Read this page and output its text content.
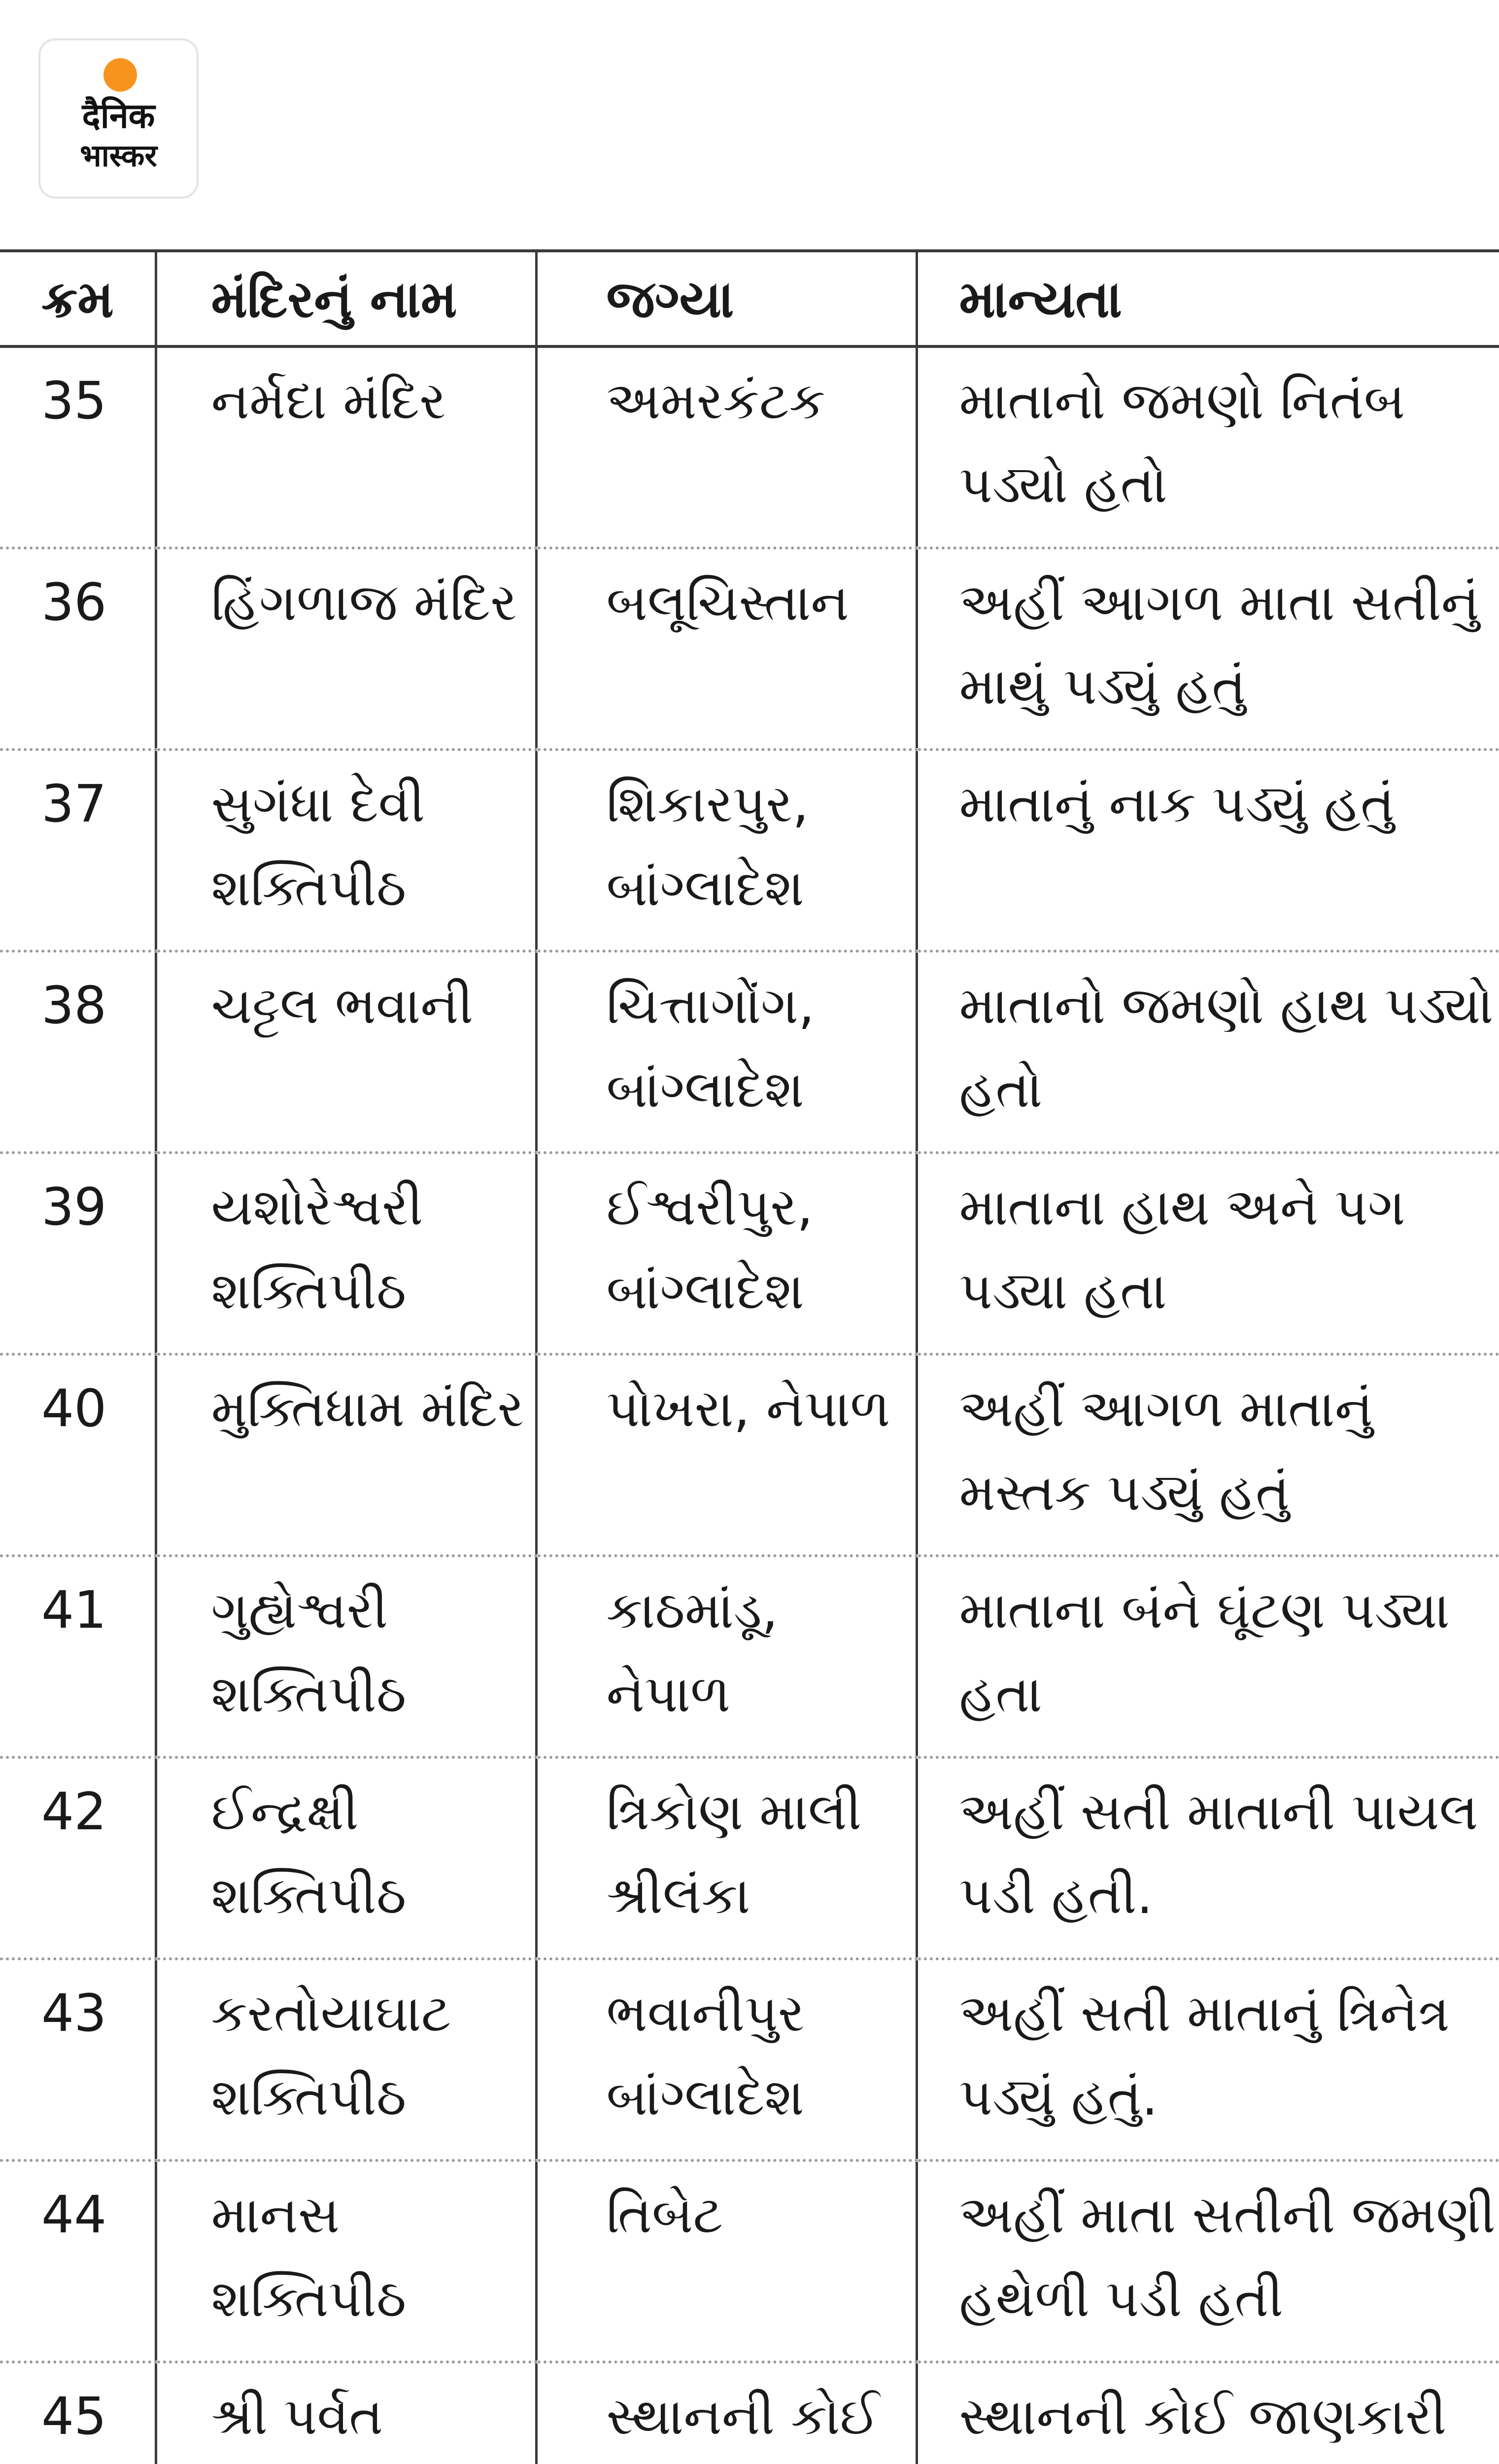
दैनिक
भास्कर
ક્રમ	મંદિરનું નામ	જગ્યા	માન્યતા
35	નર્મદા મંદિર	અમરકંટક	માતાનો જમણો નિતંબ પડ્યો હતો
36	હિંગળાજ મંદિર	બલૂચિસ્તાન	અહીં આગળ માતા સતીનું માથું પડ્યું હતું
37	સુગંધા દેવી શક્તિપીઠ	શિકારપુર, બાંગ્લાદેશ	માતાનું નાક પડ્યું હતું
38	ચટ્ટલ ભવાની	ચિત્તાગોંગ, બાંગ્લાદેશ	માતાનો જમણો હાથ પડ્યો હતો
39	યશોરેશ્વરી શક્તિપીઠ	ઈશ્વરીપુર, બાંગ્લાદેશ	માતાના હાથ અને પગ પડ્યા હતા
40	મુક્તિધામ મંદિર	પોખરા, નેપાળ	અહીં આગળ માતાનું મસ્તક પડ્યું હતું
41	ગુહ્યેશ્વરી શક્તિપીઠ	કાઠમાંડૂ, નેપાળ	માતાના બંને ઘૂંટણ પડ્યા હતા
42	ઈન્દ્રક્ષી શક્તિપીઠ	ત્રિકોણ માલી શ્રીલંકા	અહીં સતી માતાની પાયલ પડી હતી.
43	કરતોયાઘાટ શક્તિપીઠ	ભવાનીપુર બાંગ્લાદેશ	અહીં સતી માતાનું ત્રિનેત્ર પડ્યું હતું.
44	માનસ શક્તિપીઠ	તિબેટ	અહીં માતા સતીની જમણી હથેળી પડી હતી
45	શ્રી પર્વત	સ્થાનની કોઈ	સ્થાનની કોઈ જાણકારી
